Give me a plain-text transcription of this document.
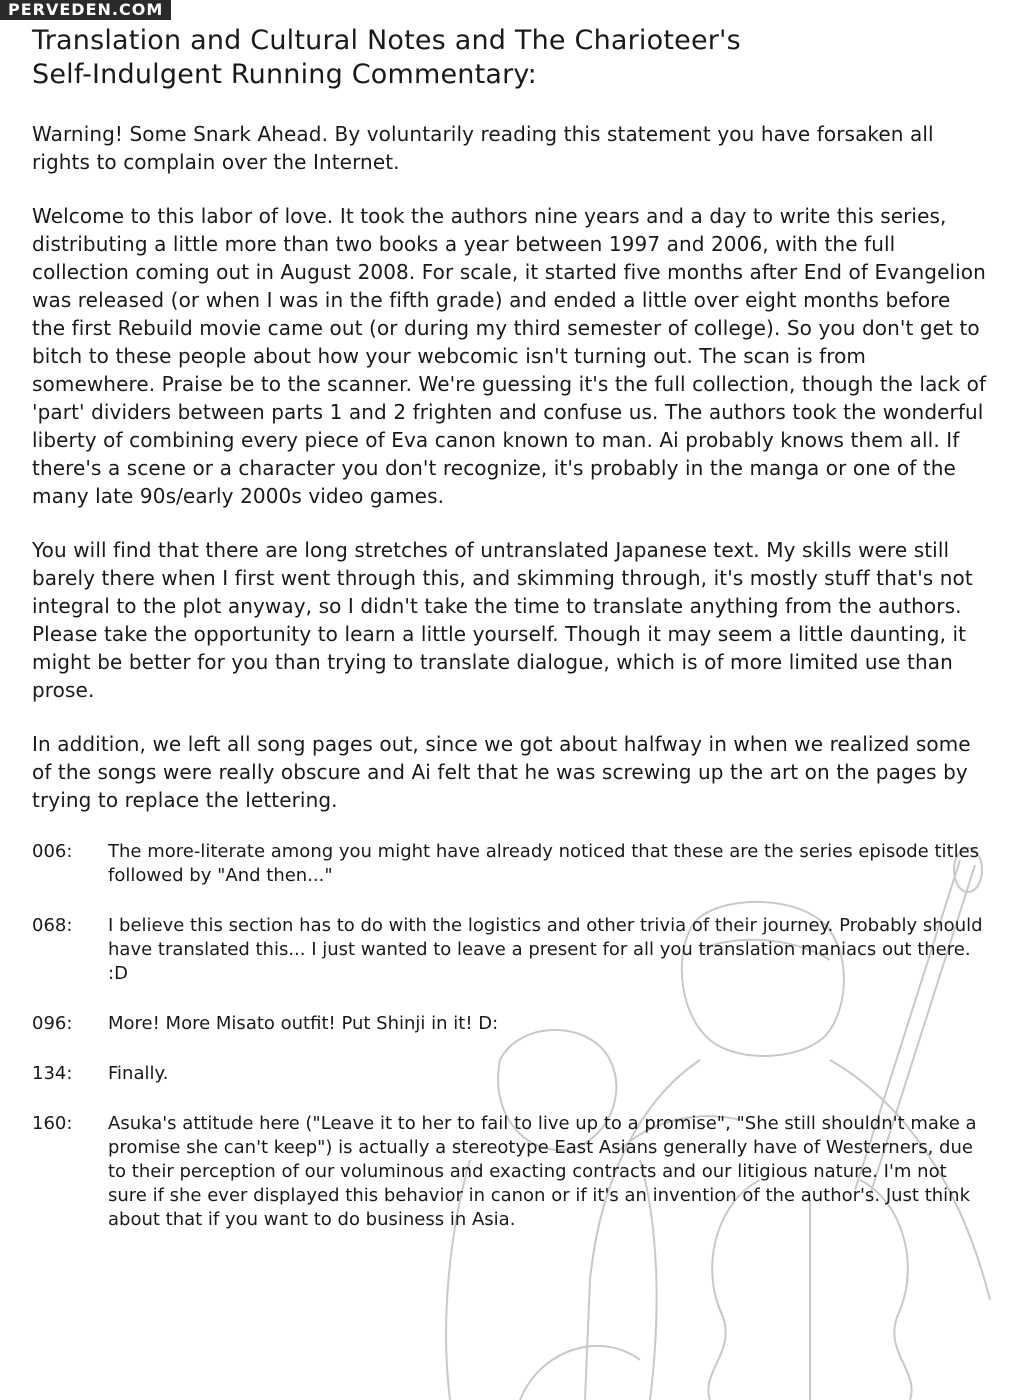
PERVEDEN.COM
Translation and Cultural Notes and The Charioteer's
Self-Indulgent Running Commentary:

Warning! Some Snark Ahead. By voluntarily reading this statement you have forsaken all rights to complain over the Internet.

Welcome to this labor of love. It took the authors nine years and a day to write this series, distributing a little more than two books a year between 1997 and 2006, with the full collection coming out in August 2008. For scale, it started five months after End of Evangelion was released (or when I was in the fifth grade) and ended a little over eight months before the first Rebuild movie came out (or during my third semester of college). So you don't get to bitch to these people about how your webcomic isn't turning out. The scan is from somewhere. Praise be to the scanner. We're guessing it's the full collection, though the lack of 'part' dividers between parts 1 and 2 frighten and confuse us. The authors took the wonderful liberty of combining every piece of Eva canon known to man. Ai probably knows them all. If there's a scene or a character you don't recognize, it's probably in the manga or one of the many late 90s/early 2000s video games.

You will find that there are long stretches of untranslated Japanese text. My skills were still barely there when I first went through this, and skimming through, it's mostly stuff that's not integral to the plot anyway, so I didn't take the time to translate anything from the authors. Please take the opportunity to learn a little yourself. Though it may seem a little daunting, it might be better for you than trying to translate dialogue, which is of more limited use than prose.

In addition, we left all song pages out, since we got about halfway in when we realized some of the songs were really obscure and Ai felt that he was screwing up the art on the pages by trying to replace the lettering.

006:	The more-literate among you might have already noticed that these are the series episode titles followed by "And then..."
068:	I believe this section has to do with the logistics and other trivia of their journey. Probably should have translated this... I just wanted to leave a present for all you translation maniacs out there. :D
096:	More! More Misato outfit! Put Shinji in it! D:
134:	Finally.
160:	Asuka's attitude here ("Leave it to her to fail to live up to a promise", "She still shouldn't make a promise she can't keep") is actually a stereotype East Asians generally have of Westerners, due to their perception of our voluminous and exacting contracts and our litigious nature. I'm not sure if she ever displayed this behavior in canon or if it's an invention of the author's. Just think about that if you want to do business in Asia.
